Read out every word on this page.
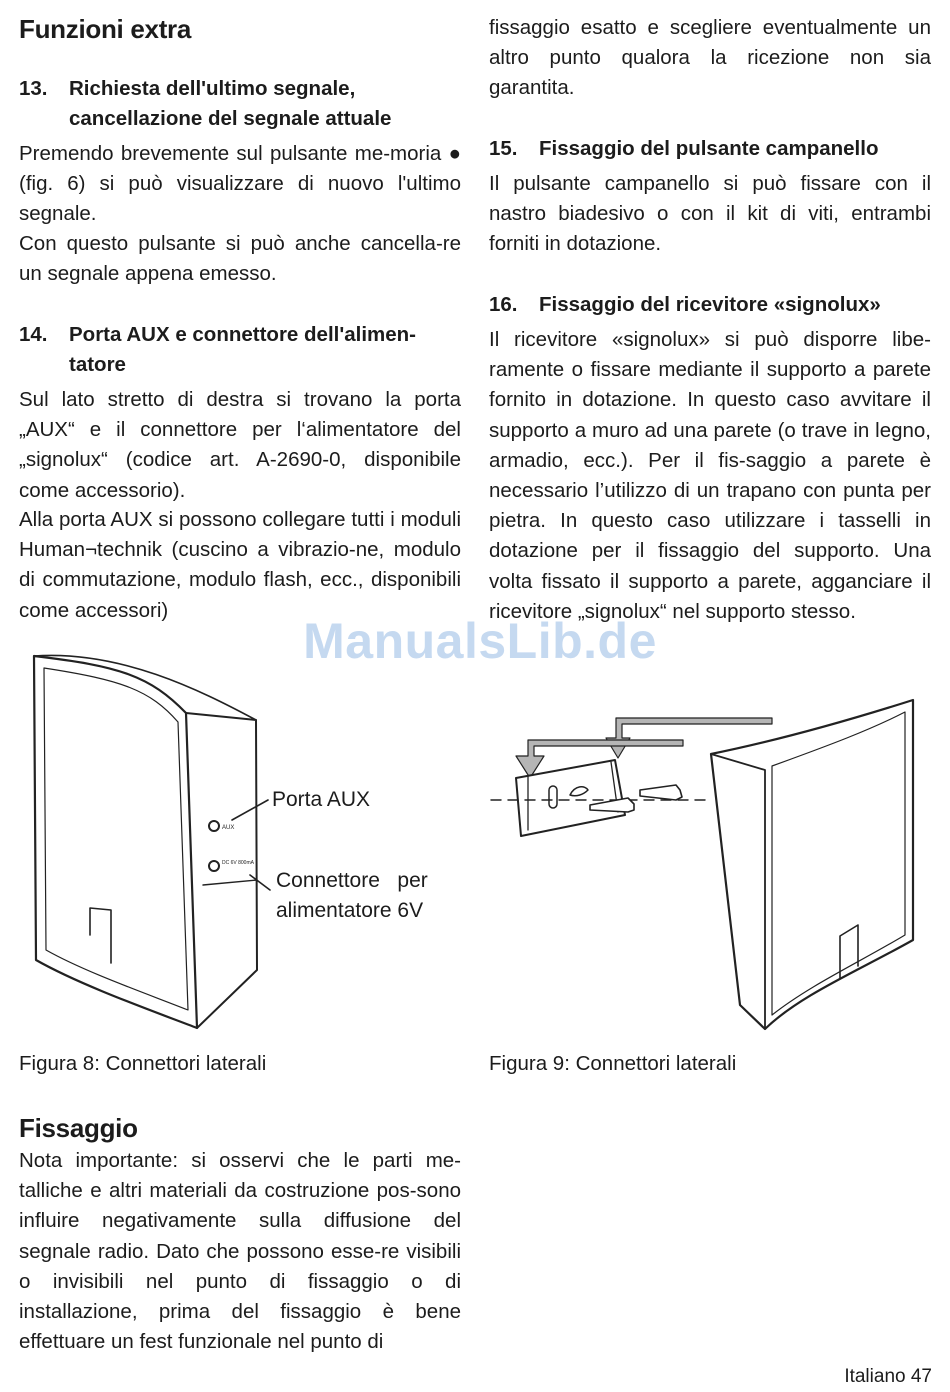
Funzioni extra
13. Richiesta dell'ultimo segnale,
cancellazione del segnale attuale

Premendo brevemente sul pulsante me-moria ● (fig. 6) si può visualizzare di nuovo l'ultimo segnale.

Con questo pulsante si può anche cancella-re un segnale appena emesso.

14. Porta AUX e connettore dell'alimen-
tatore

Sul lato stretto di destra si trovano la porta „AUX“ e il connettore per l‘alimentatore del „signolux“ (codice art. A-2690-0, disponibile come accessorio).

Alla porta AUX si possono collegare tutti i moduli Human¬technik (cuscino a vibrazio-ne, modulo di commutazione, modulo flash, ecc., disponibili come accessori)

Fissaggio

Nota importante: si osservi che le parti me-talliche e altri materiali da costruzione pos-sono influire negativamente sulla diffusione del segnale radio. Dato che possono esse-re visibili o invisibili nel punto di fissaggio o di installazione, prima del fissaggio è bene effettuare un fest funzionale nel punto di

fissaggio esatto e scegliere eventualmente un altro punto qualora la ricezione non sia garantita.

15. Fissaggio del pulsante campanello

Il pulsante campanello si può fissare con il nastro biadesivo o con il kit di viti, entrambi forniti in dotazione.

16. Fissaggio del ricevitore «signolux»

Il ricevitore «signolux» si può disporre libe-ramente o fissare mediante il supporto a parete fornito in dotazione. In questo caso avvitare il supporto a muro ad una parete (o trave in legno, armadio, ecc.). Per il fis-saggio a parete è necessario l’utilizzo di un trapano con punta per pietra. In questo caso utilizzare i tasselli in dotazione per il fissaggio del supporto. Una volta fissato il supporto a parete, agganciare il ricevitore „signolux“ nel supporto stesso.

AUX
DC 6V 800mA
Porta AUX
Connettore   per
alimentatore 6V
Figura 8: Connettori laterali	Figura 9: Connettori laterali
ManualsLib.de
Italiano 47
